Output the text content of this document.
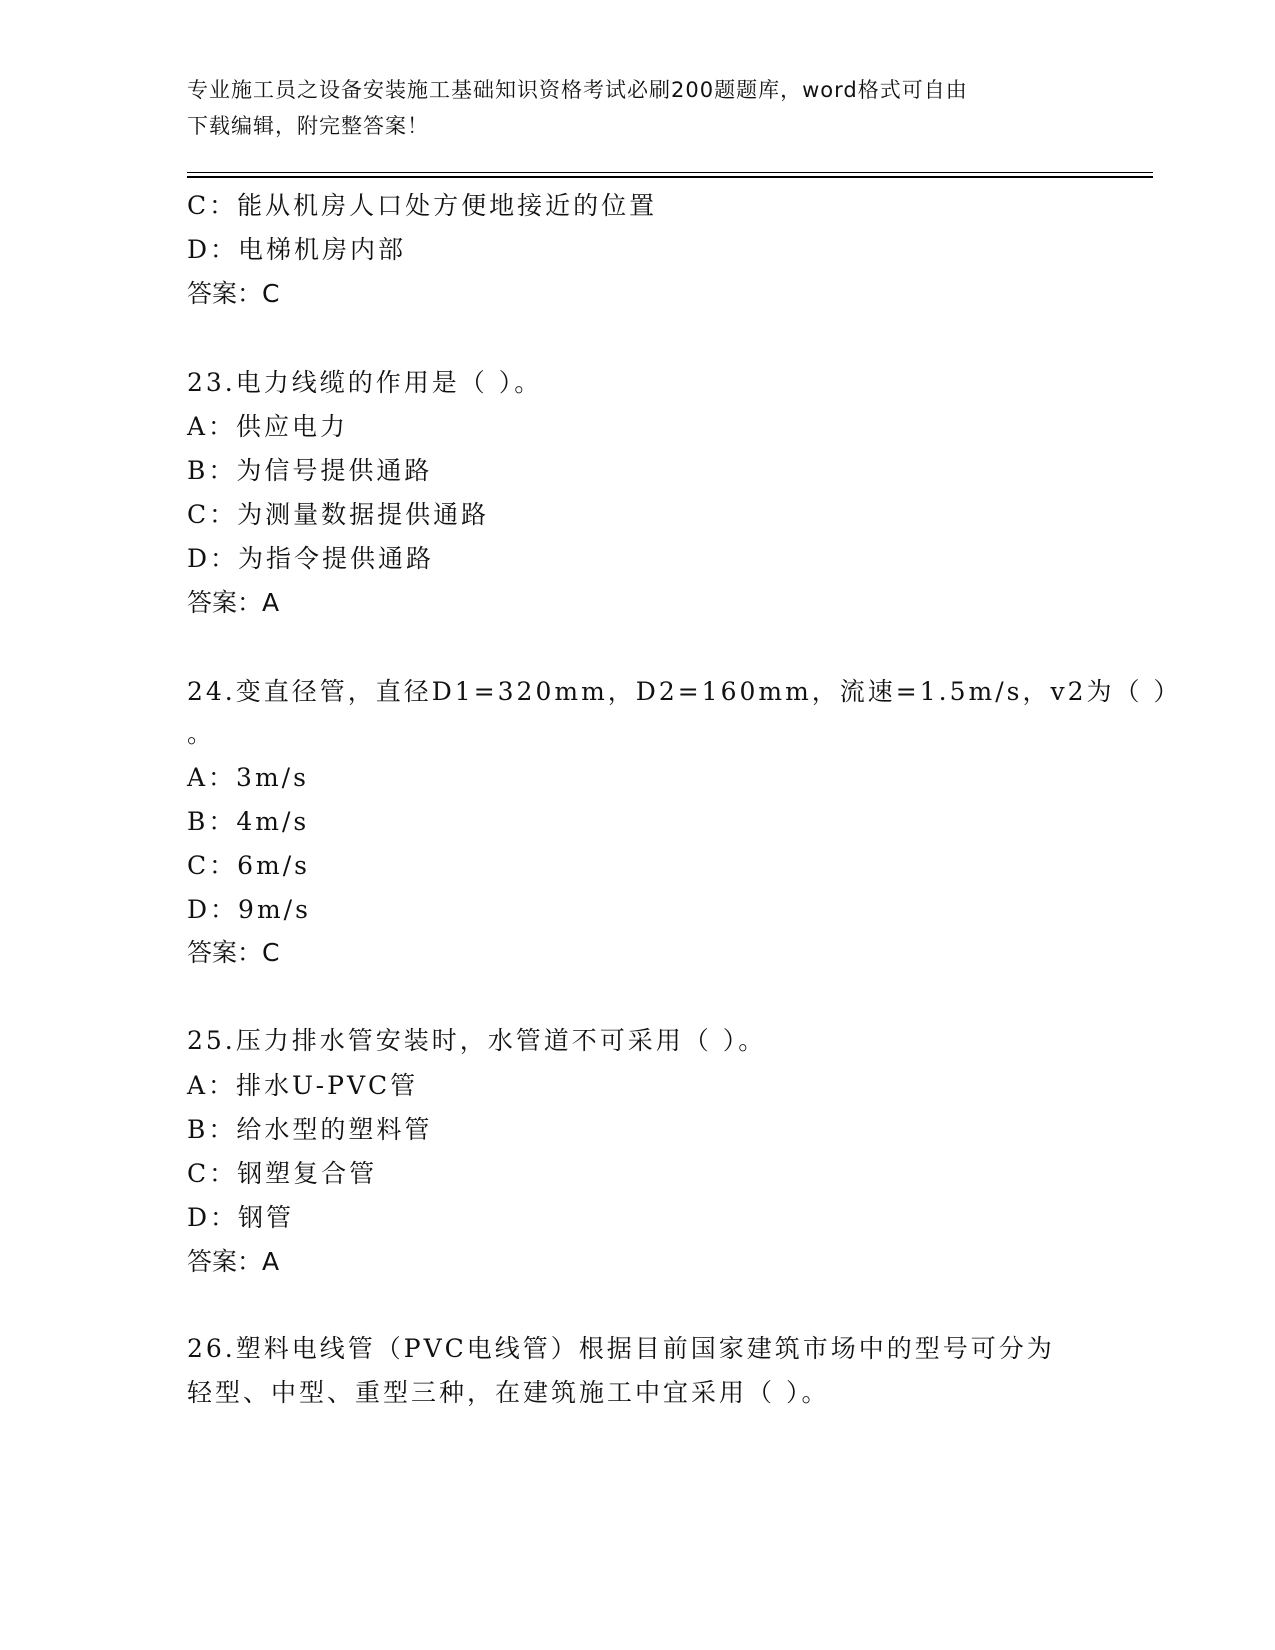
专业施工员之设备安装施工基础知识资格考试必刷200题题库，word格式可自由
下载编辑，附完整答案！
C：能从机房人口处方便地接近的位置
D：电梯机房内部
答案：C
23.电力线缆的作用是（ ）。
A：供应电力
B：为信号提供通路
C：为测量数据提供通路
D：为指令提供通路
答案：A
24.变直径管，直径D1=320mm，D2=160mm，流速=1.5m/s，v2为（ ）
。
A：3m/s
B：4m/s
C：6m/s
D：9m/s
答案：C
25.压力排水管安装时，水管道不可采用（ ）。
A：排水U-PVC管
B：给水型的塑料管
C：钢塑复合管
D：钢管
答案：A
26.塑料电线管（PVC电线管）根据目前国家建筑市场中的型号可分为
轻型、中型、重型三种，在建筑施工中宜采用（ ）。
